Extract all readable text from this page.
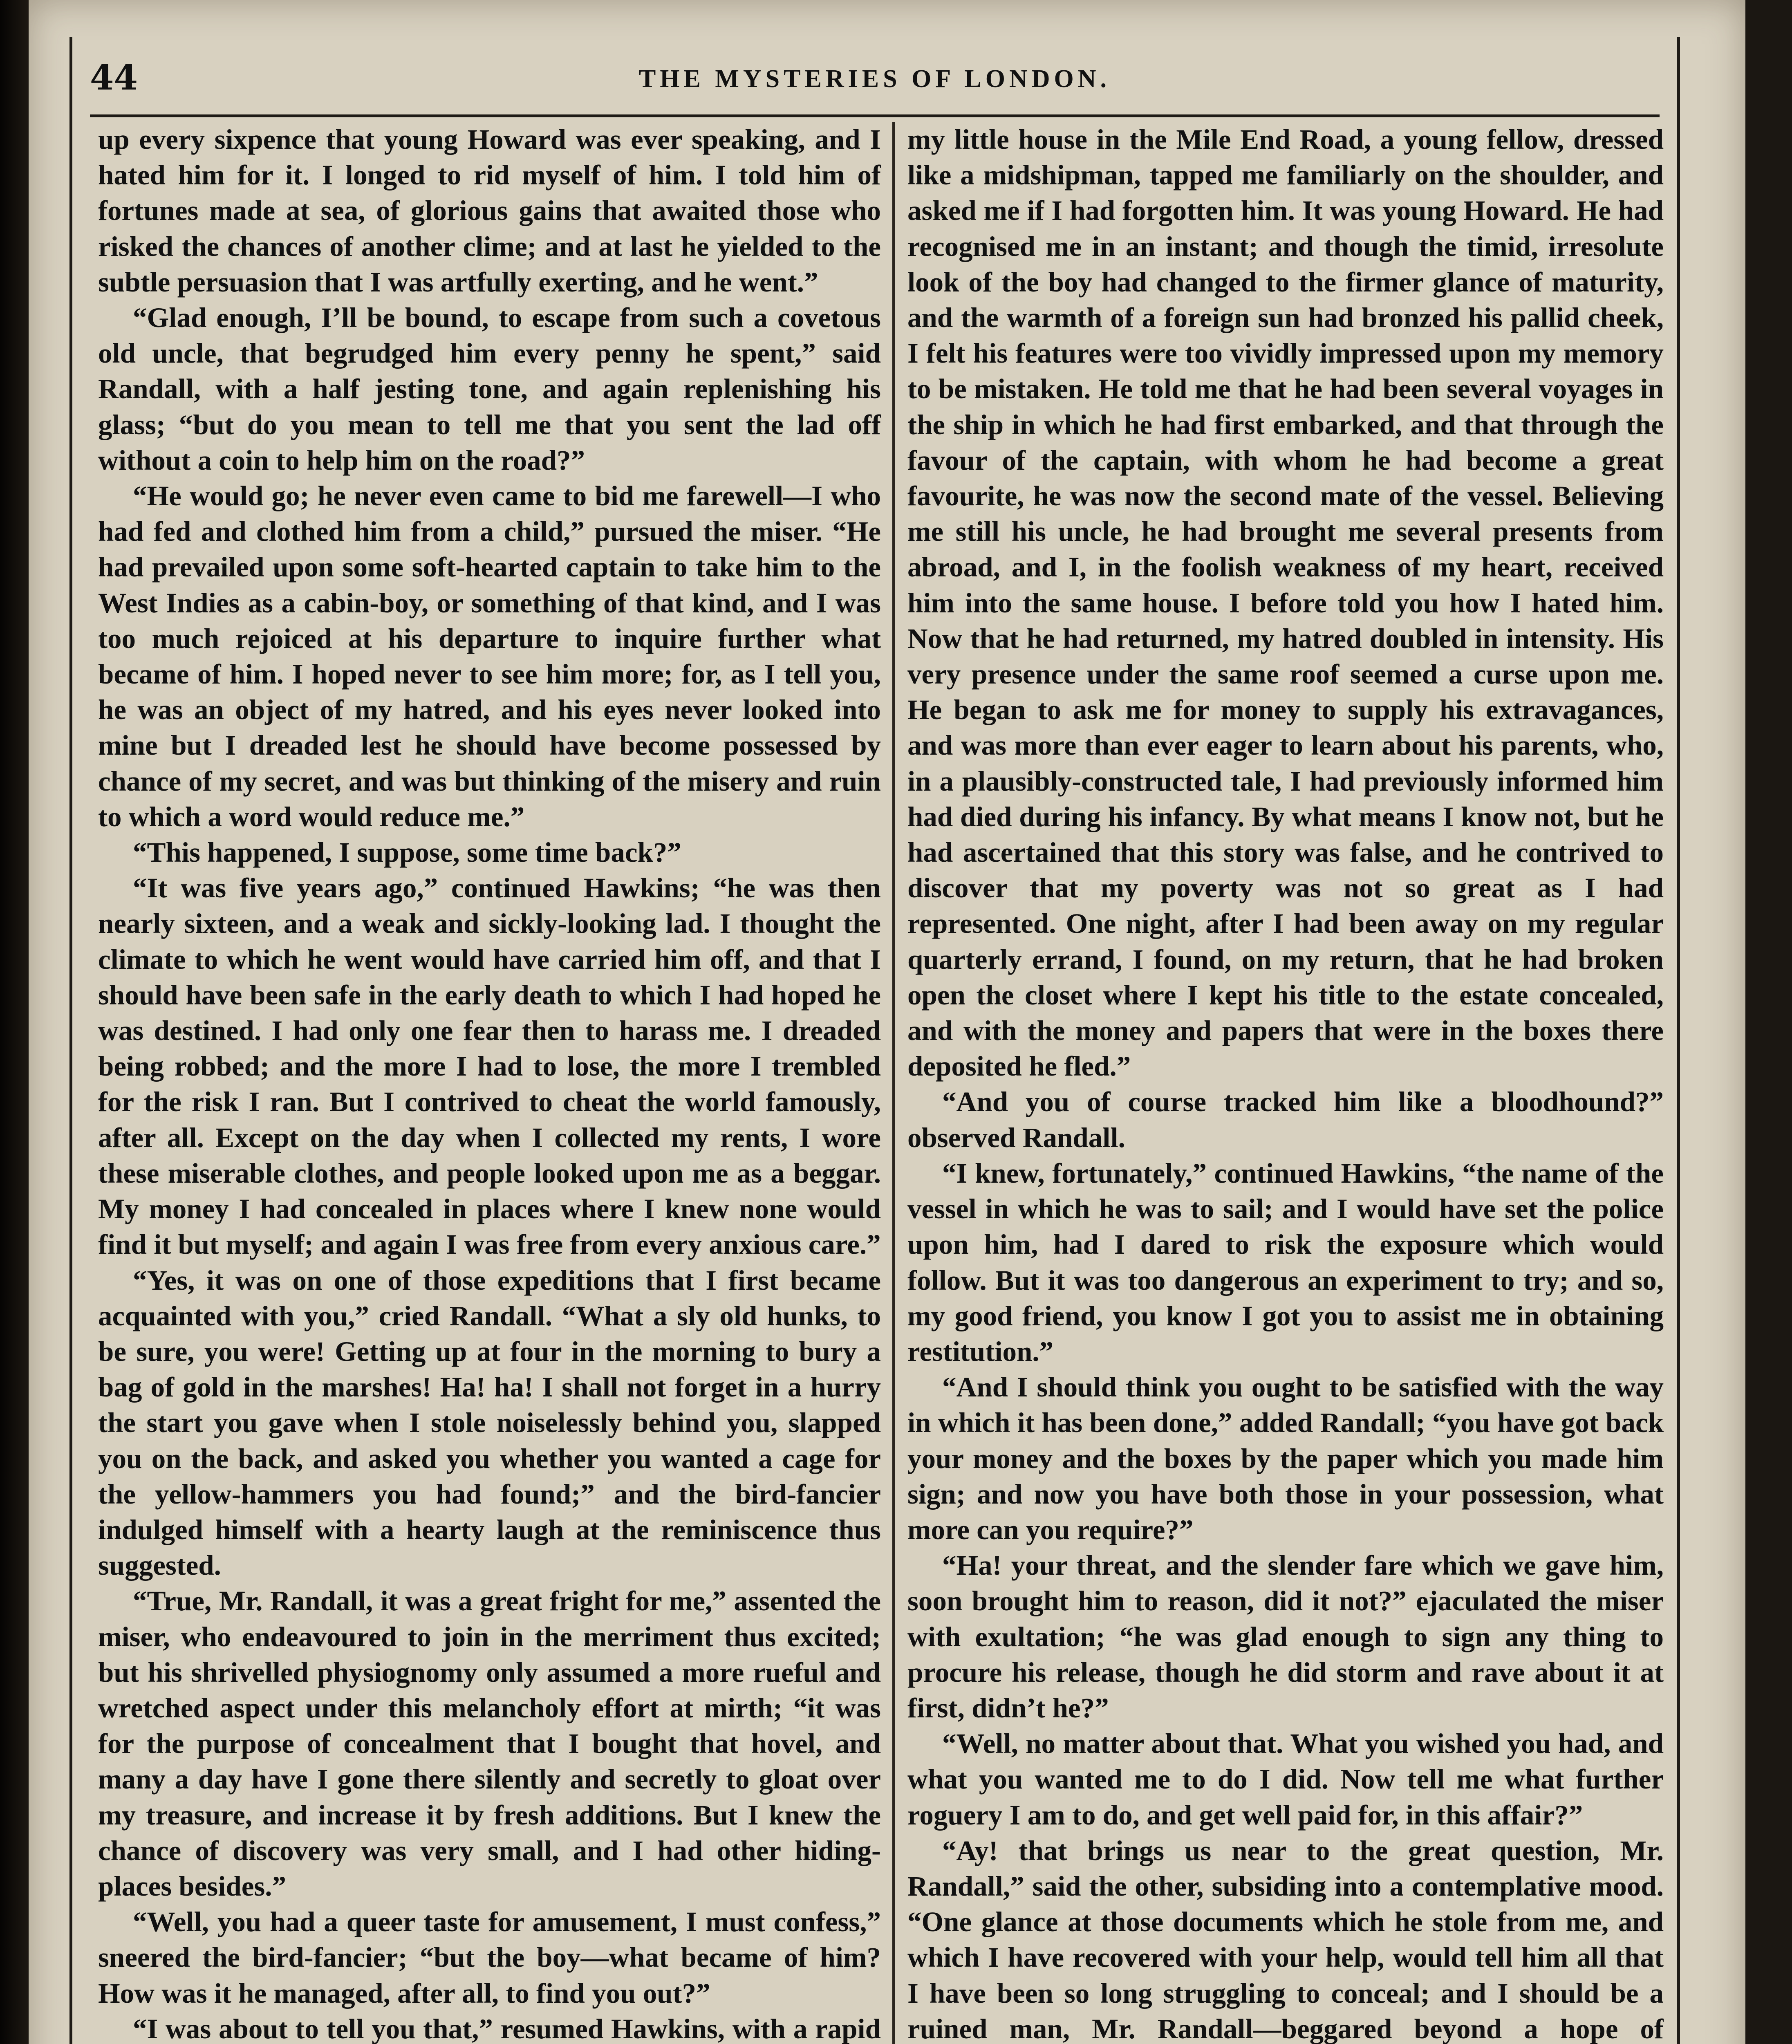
44	THE MYSTERIES OF LONDON.

up every sixpence that young Howard was ever speaking, and I hated him for it. I longed to rid myself of him. I told him of fortunes made at sea, of glorious gains that awaited those who risked the chances of another clime; and at last he yielded to the subtle persuasion that I was artfully exerting, and he went.”

“Glad enough, I’ll be bound, to escape from such a covetous old uncle, that begrudged him every penny he spent,” said Randall, with a half jesting tone, and again replenishing his glass; “but do you mean to tell me that you sent the lad off without a coin to help him on the road?”

“He would go; he never even came to bid me farewell—I who had fed and clothed him from a child,” pursued the miser. “He had prevailed upon some soft-hearted captain to take him to the West Indies as a cabin-boy, or something of that kind, and I was too much rejoiced at his departure to inquire further what became of him. I hoped never to see him more; for, as I tell you, he was an object of my hatred, and his eyes never looked into mine but I dreaded lest he should have become possessed by chance of my secret, and was but thinking of the misery and ruin to which a word would reduce me.”

“This happened, I suppose, some time back?”

“It was five years ago,” continued Hawkins; “he was then nearly sixteen, and a weak and sickly-looking lad. I thought the climate to which he went would have carried him off, and that I should have been safe in the early death to which I had hoped he was destined. I had only one fear then to harass me. I dreaded being robbed; and the more I had to lose, the more I trembled for the risk I ran. But I contrived to cheat the world famously, after all. Except on the day when I collected my rents, I wore these miserable clothes, and people looked upon me as a beggar. My money I had concealed in places where I knew none would find it but myself; and again I was free from every anxious care.”

“Yes, it was on one of those expeditions that I first became acquainted with you,” cried Randall. “What a sly old hunks, to be sure, you were! Getting up at four in the morning to bury a bag of gold in the marshes! Ha! ha! I shall not forget in a hurry the start you gave when I stole noiselessly behind you, slapped you on the back, and asked you whether you wanted a cage for the yellow-hammers you had found;” and the bird-fancier indulged himself with a hearty laugh at the reminiscence thus suggested.

“True, Mr. Randall, it was a great fright for me,” assented the miser, who endeavoured to join in the merriment thus excited; but his shrivelled physiognomy only assumed a more rueful and wretched aspect under this melancholy effort at mirth; “it was for the purpose of concealment that I bought that hovel, and many a day have I gone there silently and secretly to gloat over my treasure, and increase it by fresh additions. But I knew the chance of discovery was very small, and I had other hiding-places besides.”

“Well, you had a queer taste for amusement, I must confess,” sneered the bird-fancier; “but the boy—what became of him? How was it he managed, after all, to find you out?”

“I was about to tell you that,” resumed Hawkins, with a rapid

my little house in the Mile End Road, a young fellow, dressed like a midshipman, tapped me familiarly on the shoulder, and asked me if I had forgotten him. It was young Howard. He had recognised me in an instant; and though the timid, irresolute look of the boy had changed to the firmer glance of maturity, and the warmth of a foreign sun had bronzed his pallid cheek, I felt his features were too vividly impressed upon my memory to be mistaken. He told me that he had been several voyages in the ship in which he had first embarked, and that through the favour of the captain, with whom he had become a great favourite, he was now the second mate of the vessel. Believing me still his uncle, he had brought me several presents from abroad, and I, in the foolish weakness of my heart, received him into the same house. I before told you how I hated him. Now that he had returned, my hatred doubled in intensity. His very presence under the same roof seemed a curse upon me. He began to ask me for money to supply his extravagances, and was more than ever eager to learn about his parents, who, in a plausibly-constructed tale, I had previously informed him had died during his infancy. By what means I know not, but he had ascertained that this story was false, and he contrived to discover that my poverty was not so great as I had represented. One night, after I had been away on my regular quarterly errand, I found, on my return, that he had broken open the closet where I kept his title to the estate concealed, and with the money and papers that were in the boxes there deposited he fled.”

“And you of course tracked him like a bloodhound?” observed Randall.

“I knew, fortunately,” continued Hawkins, “the name of the vessel in which he was to sail; and I would have set the police upon him, had I dared to risk the exposure which would follow. But it was too dangerous an experiment to try; and so, my good friend, you know I got you to assist me in obtaining restitution.”

“And I should think you ought to be satisfied with the way in which it has been done,” added Randall; “you have got back your money and the boxes by the paper which you made him sign; and now you have both those in your possession, what more can you require?”

“Ha! your threat, and the slender fare which we gave him, soon brought him to reason, did it not?” ejaculated the miser with exultation; “he was glad enough to sign any thing to procure his release, though he did storm and rave about it at first, didn’t he?”

“Well, no matter about that. What you wished you had, and what you wanted me to do I did. Now tell me what further roguery I am to do, and get well paid for, in this affair?”

“Ay! that brings us near to the great question, Mr. Randall,” said the other, subsiding into a contemplative mood. “One glance at those documents which he stole from me, and which I have recovered with your help, would tell him all that I have been so long struggling to conceal; and I should be a ruined man, Mr. Randall—beggared beyond a hope of
